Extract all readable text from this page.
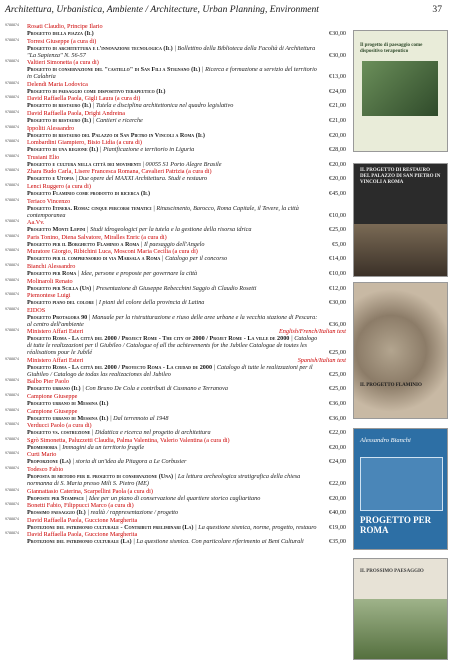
Architettura, Urbanistica, Ambiente / Architecture, Urban Planning, Environment	37
9788874	Rosati Claudio, Principe Ilario
Progetto della piazza (Il)	€30,00
9788874	Torresi Giuseppe (a cura di)
Progetto di architettura e l'innovazione tecnologica (Il) | Bollettino della Biblioteca della Facoltà di Architettura "La Sapienza" N. 56-57	€30,00
9788874	Valtieri Simonetta (a cura di)
Progetto di conservazione del "castello" di San Fili a Stignano (Il) | Ricerca e formazione a servizio del territorio in Calabria	€13,00
9788874	Delendi Maria Lodovica
Progetto di paesaggio come dispositivo terapeutico (Il)	€24,00
9788874	David Raffaella Paola, Gigli Laura (a cura di)
Progetto di restauro (Il) | Tutela e disciplina architettonica nel quadro legislativo	€21,00
9788874	David Raffaella Paola, Drighi Andreina
Progetto di restauro (Il) | Cantieri e ricerche	€21,00
9788874	Ippoliti Alessandro
Progetto di restauro del Palazzo di San Pietro in Vincoli a Roma (Il)	€20,00
9788874	Lombardini Giampiero, Bisio Lidia (a cura di)
Progetto di una regione (Il) | Pianificazione e territorio in Liguria	€28,00
9788874	Trusiani Elio
Progetto e cultura nella città dei movimenti | 00055 S1 Porto Alegre Brasile	€20,00
9788874	Zhara Budo Carla, Lisere Francesca Romana, Cavalieri Patrizia (a cura di)
Progetto e Utopia | Due opere del MAXXI Architettura. Studi e restauro	€20,00
9788874	Lenci Ruggero (a cura di)
Progetto Flaminio come prodotto di ricerca (Il)	€45,00
9788874	Teriaco Vincenzo
Progetto Itinera. Roma: cinque percorsi tematici | Rinascimento, Barocco, Roma Capitale, il Tevere, la città contemporanea	€10,00
9788874	Aa.Vv.
Progetto Monti Lepini | Studi idrogeologici per la tutela e la gestione della risorsa idrica	€25,00
9788874	Paris Tonino, Diena Salvatore, Miralles Enric (a cura di)
Progetto per il Borghetto Flaminio a Roma | Il paesaggio dell'Angelo	€5,00
9788874	Muratore Giorgio, Ribichini Luca, Mosconi Maria Cecilia (a cura di)
Progetto per il comprensorio di via Marsala a Roma | Catalogo per il concorso	€14,00
9788874	Bianchi Alessandro
Progetto per Roma | Idee, persone e proposte per governare la città	€10,00
9788874	Molinaroli Renato
Progetto per Scilla (Un) | Presentazione di Giuseppe Rebecchini Saggio di Claudio Rosetti	€12,00
9788874	Piemontese Luigi
Progetto piano del colore | I piani del colore della provincia di Latina	€30,00
9788874	EIDOS
Progetto Protagora 90 | Manuale per la ristrutturazione e riuso delle aree urbane e la vecchia stazione di Pescara: al centro dell'ambiente	€36,00
9788874	Ministero Affari Esteri	English/French/Italian text
Progetto Roma - La città del 2000 / Project Rome - The city of 2000 / Projet Rome - La ville de 2000 | Catalogo di tutte le realizzazioni per il Giubileo / Catalogue of all the achievements for the Jubilee Catalogue de toutes les réalisations pour le Jubilé	€25,00
9788874	Ministero Affari Esteri	Spanish/Italian text
Progetto Roma - La città del 2000 / Proyecto Roma - La ciudad de 2000 | Catalogo di tutte le realizzazioni per il Giubileo / Catalogo de todas las realizaciones del Jubileo	€25,00
9788874	Balbo Pier Paolo
Progetto urbano (Il) | Con Bruno De Cola e contributi di Cusmano e Terranova	€25,00
9788874	Campione Giuseppe
Progetto urbano di Messina (Il)	€36,00
9788874	Campione Giuseppe
Progetto urbano di Messina (Il) | Dal terremoto al 1948	€36,00
9788874	Verducci Paolo (a cura di)
Progetto vs. costruzione | Didattica e ricerca nel progetto di architettura	€22,00
9788874	Sgrò Simonetta, Paluzzetti Claudia, Palma Valentina, Valerio Valentina (a cura di)
Promemoria | Immagini da un territorio fragile	€20,00
9788874	Curti Mario
Proporzione (La) | storia di un'idea da Pitagora a Le Corbusier	€24,00
9788874	Todesco Fabio
Proposta di metodo per il progetto di conservazione (Una) | La lettura archeologica stratigrafica della chiesa normanna di S. Maria presso Mili S. Pietro (ME)	€22,00
9788874	Giannattasio Caterina, Scarpellini Paola (a cura di)
Proposte per Stampace | Idee per un piano di conservazione del quartiere storico cagliaritano	€20,00
9788874	Bonetti Fabio, Filippucci Marco (a cura di)
Prossimo paesaggio (Il) | realtà / rappresentazione / progetto	€40,00
9788874	David Raffaella Paola, Guccione Margherita
Protezione del patrimonio culturale - Contributi preliminari (La) | La questione sismica, norme, progetto, restauro €19,00
9788874	David Raffaella Paola, Guccione Margherita
Protezione del patrimonio culturale (La) | La questione sismica. Con particolare riferimento ai Beni Culturali	€35,00
Il progetto di paesaggio come dispositivo terapeutico
IL PROGETTO DI RESTAURO DEL PALAZZO DI SAN PIETRO IN VINCOLI A ROMA
IL PROGETTO FLAMINIO
Alessandro Bianchi
PROGETTO PER ROMA
IL PROSSIMO PAESAGGIO
